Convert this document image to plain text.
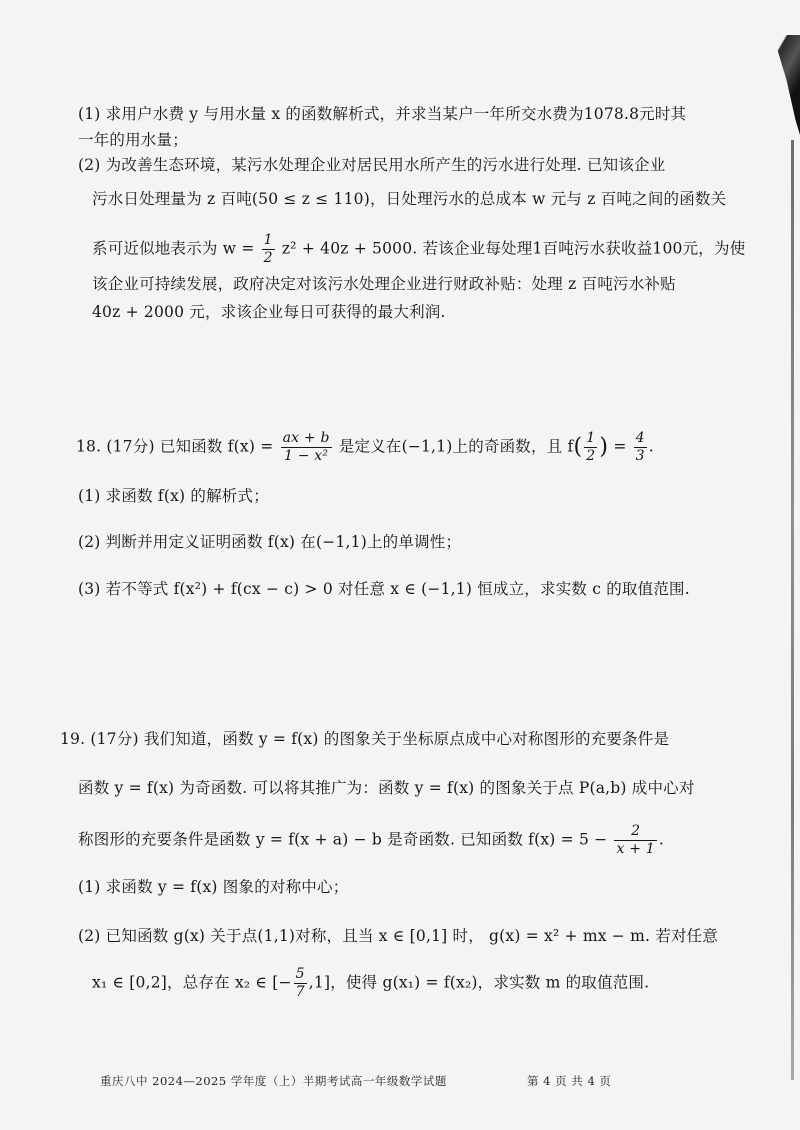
(1) 求用户水费 y 与用水量 x 的函数解析式，并求当某户一年所交水费为1078.8元时其
一年的用水量；
(2) 为改善生态环境，某污水处理企业对居民用水所产生的污水进行处理. 已知该企业
污水日处理量为 z 百吨(50 ≤ z ≤ 110)，日处理污水的总成本 w 元与 z 百吨之间的函数关
系可近似地表示为 $w = \frac{1}{2} z^2 + 40z + 5000$. 若该企业每处理1百吨污水获收益100元，为使
该企业可持续发展，政府决定对该污水处理企业进行财政补贴：处理 z 百吨污水补贴
40z + 2000 元，求该企业每日可获得的最大利润.
18. (17分) 已知函数 $f(x) = \frac{ax + b}{\text{1 − x²}}$ 是定义在(−1,1)上的奇函数，且 $f( \frac{1}{2}$ ) = $\frac{4}{3}$ .
(1) 求函数 f(x) 的解析式；
(2) 判断并用定义证明函数 f(x) 在(−1,1)上的单调性；
(3) 若不等式 f(x²) + f(cx − c) > 0 对任意 x ∈ (−1,1) 恒成立，求实数 c 的取值范围.
19. (17分) 我们知道，函数 y = f(x) 的图象关于坐标原点成中心对称图形的充要条件是
函数 y = f(x) 为奇函数. 可以将其推广为：函数 y = f(x) 的图象关于点 P(a,b) 成中心对
称图形的充要条件是函数 y = f(x + a) − b 是奇函数. 已知函数 $f(x) = 5 - \frac{2}{x + 1}$ .
(1) 求函数 y = f(x) 图象的对称中心；
(2) 已知函数 g(x) 关于点(1,1)对称，且当 x ∈ [0,1] 时， g(x) = x² + mx − m. 若对任意
x₁ ∈ [0,2]，总存在 x₂ ∈ [− $\frac{5}{7} ,1$]，使得 g(x₁) = f(x₂)，求实数 m 的取值范围.
重庆八中 2024—2025 学年度（上）半期考试高一年级数学试题	第 4 页 共 4 页
